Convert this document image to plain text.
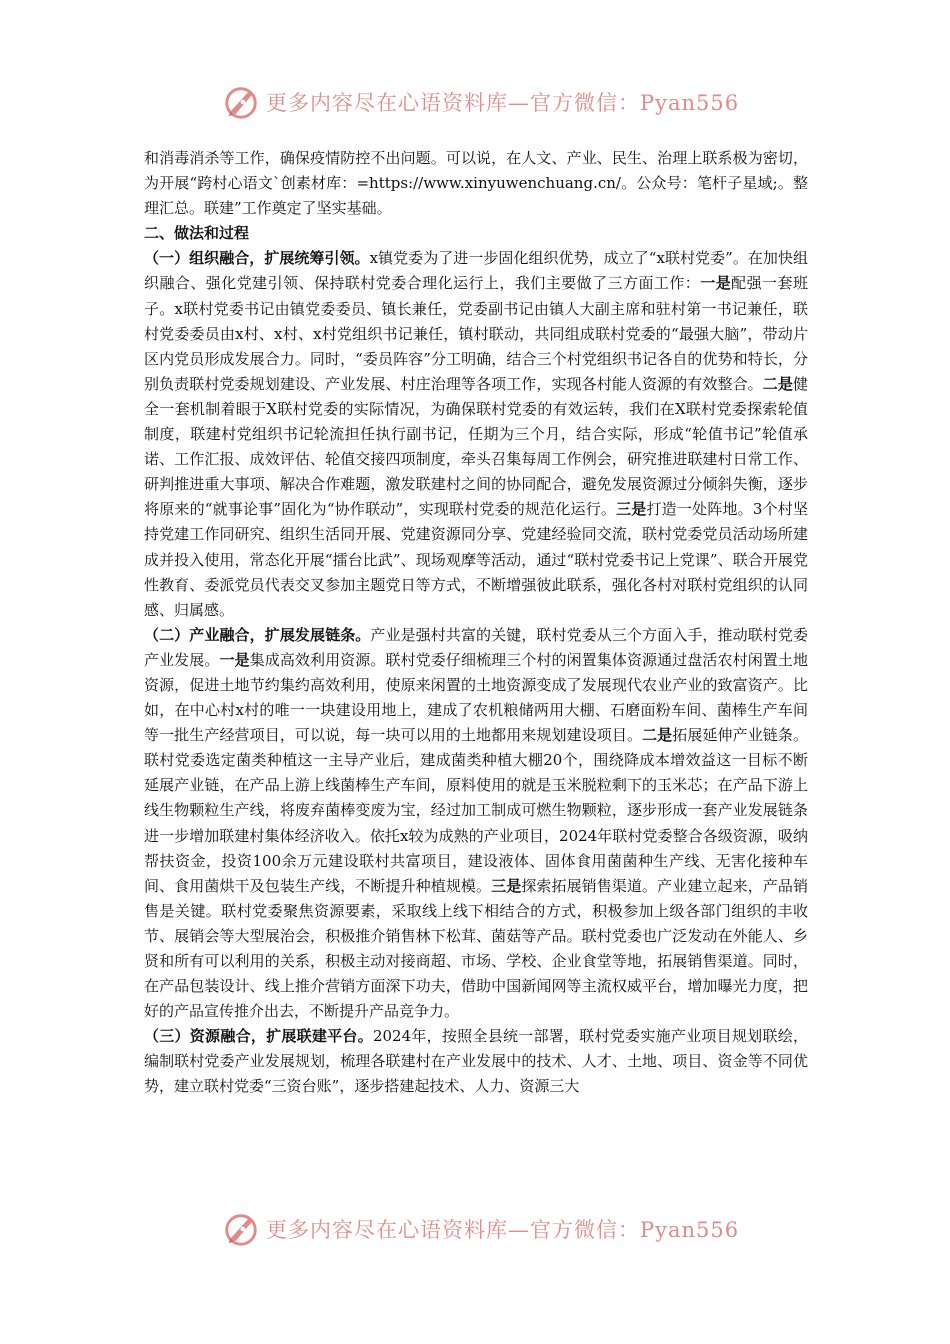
更多内容尽在心语资料库—官方微信：Pyan556

和消毒消杀等工作，确保疫情防控不出问题。可以说，在人文、产业、民生、治理上联系极为密切，为开展“跨村心语文`创素材库：=https://www.xinyuwenchuang.cn/。公众号：笔杆子星域;。整理汇总。联建”工作奠定了坚实基础。

二、做法和过程

（一）组织融合，扩展统筹引领。x镇党委为了进一步固化组织优势，成立了“x联村党委”。在加快组织融合、强化党建引领、保持联村党委合理化运行上，我们主要做了三方面工作：一是配强一套班子。x联村党委书记由镇党委委员、镇长兼任，党委副书记由镇人大副主席和驻村第一书记兼任，联村党委委员由x村、x村、x村党组织书记兼任，镇村联动，共同组成联村党委的“最强大脑”，带动片区内党员形成发展合力。同时，“委员阵容”分工明确，结合三个村党组织书记各自的优势和特长，分别负责联村党委规划建设、产业发展、村庄治理等各项工作，实现各村能人资源的有效整合。二是健全一套机制着眼于X联村党委的实际情况，为确保联村党委的有效运转，我们在X联村党委探索轮值制度，联建村党组织书记轮流担任执行副书记，任期为三个月，结合实际，形成“轮值书记”轮值承诺、工作汇报、成效评估、轮值交接四项制度，牵头召集每周工作例会，研究推进联建村日常工作、研判推进重大事项、解决合作难题，激发联建村之间的协同配合，避免发展资源过分倾斜失衡，逐步将原来的“就事论事”固化为“协作联动”，实现联村党委的规范化运行。三是打造一处阵地。3个村坚持党建工作同研究、组织生活同开展、党建资源同分享、党建经验同交流，联村党委党员活动场所建成并投入使用，常态化开展“擂台比武”、现场观摩等活动，通过“联村党委书记上党课”、联合开展党性教育、委派党员代表交叉参加主题党日等方式，不断增强彼此联系，强化各村对联村党组织的认同感、归属感。

（二）产业融合，扩展发展链条。产业是强村共富的关键，联村党委从三个方面入手，推动联村党委产业发展。一是集成高效利用资源。联村党委仔细梳理三个村的闲置集体资源通过盘活农村闲置土地资源，促进土地节约集约高效利用，使原来闲置的土地资源变成了发展现代农业产业的致富资产。比如，在中心村x村的唯一一块建设用地上，建成了农机粮储两用大棚、石磨面粉车间、菌棒生产车间等一批生产经营项目，可以说，每一块可以用的土地都用来规划建设项目。二是拓展延伸产业链条。联村党委选定菌类种植这一主导产业后，建成菌类种植大棚20个，围绕降成本增效益这一目标不断延展产业链，在产品上游上线菌棒生产车间，原料使用的就是玉米脱粒剩下的玉米芯；在产品下游上线生物颗粒生产线，将废弃菌棒变废为宝，经过加工制成可燃生物颗粒，逐步形成一套产业发展链条进一步增加联建村集体经济收入。依托x较为成熟的产业项目，2024年联村党委整合各级资源，吸纳帮扶资金，投资100余万元建设联村共富项目，建设液体、固体食用菌菌种生产线、无害化接种车间、食用菌烘干及包装生产线，不断提升种植规模。三是探索拓展销售渠道。产业建立起来，产品销售是关键。联村党委聚焦资源要素，采取线上线下相结合的方式，积极参加上级各部门组织的丰收节、展销会等大型展治会，积极推介销售林下松茸、菌菇等产品。联村党委也广泛发动在外能人、乡贤和所有可以利用的关系，积极主动对接商超、市场、学校、企业食堂等地，拓展销售渠道。同时，在产品包装设计、线上推介营销方面深下功夫，借助中国新闻网等主流权威平台，增加曝光力度，把好的产品宣传推介出去，不断提升产品竞争力。

（三）资源融合，扩展联建平台。2024年，按照全县统一部署，联村党委实施产业项目规划联绘，编制联村党委产业发展规划，梳理各联建村在产业发展中的技术、人才、土地、项目、资金等不同优势，建立联村党委“三资台账”，逐步搭建起技术、人力、资源三大

更多内容尽在心语资料库—官方微信：Pyan556
